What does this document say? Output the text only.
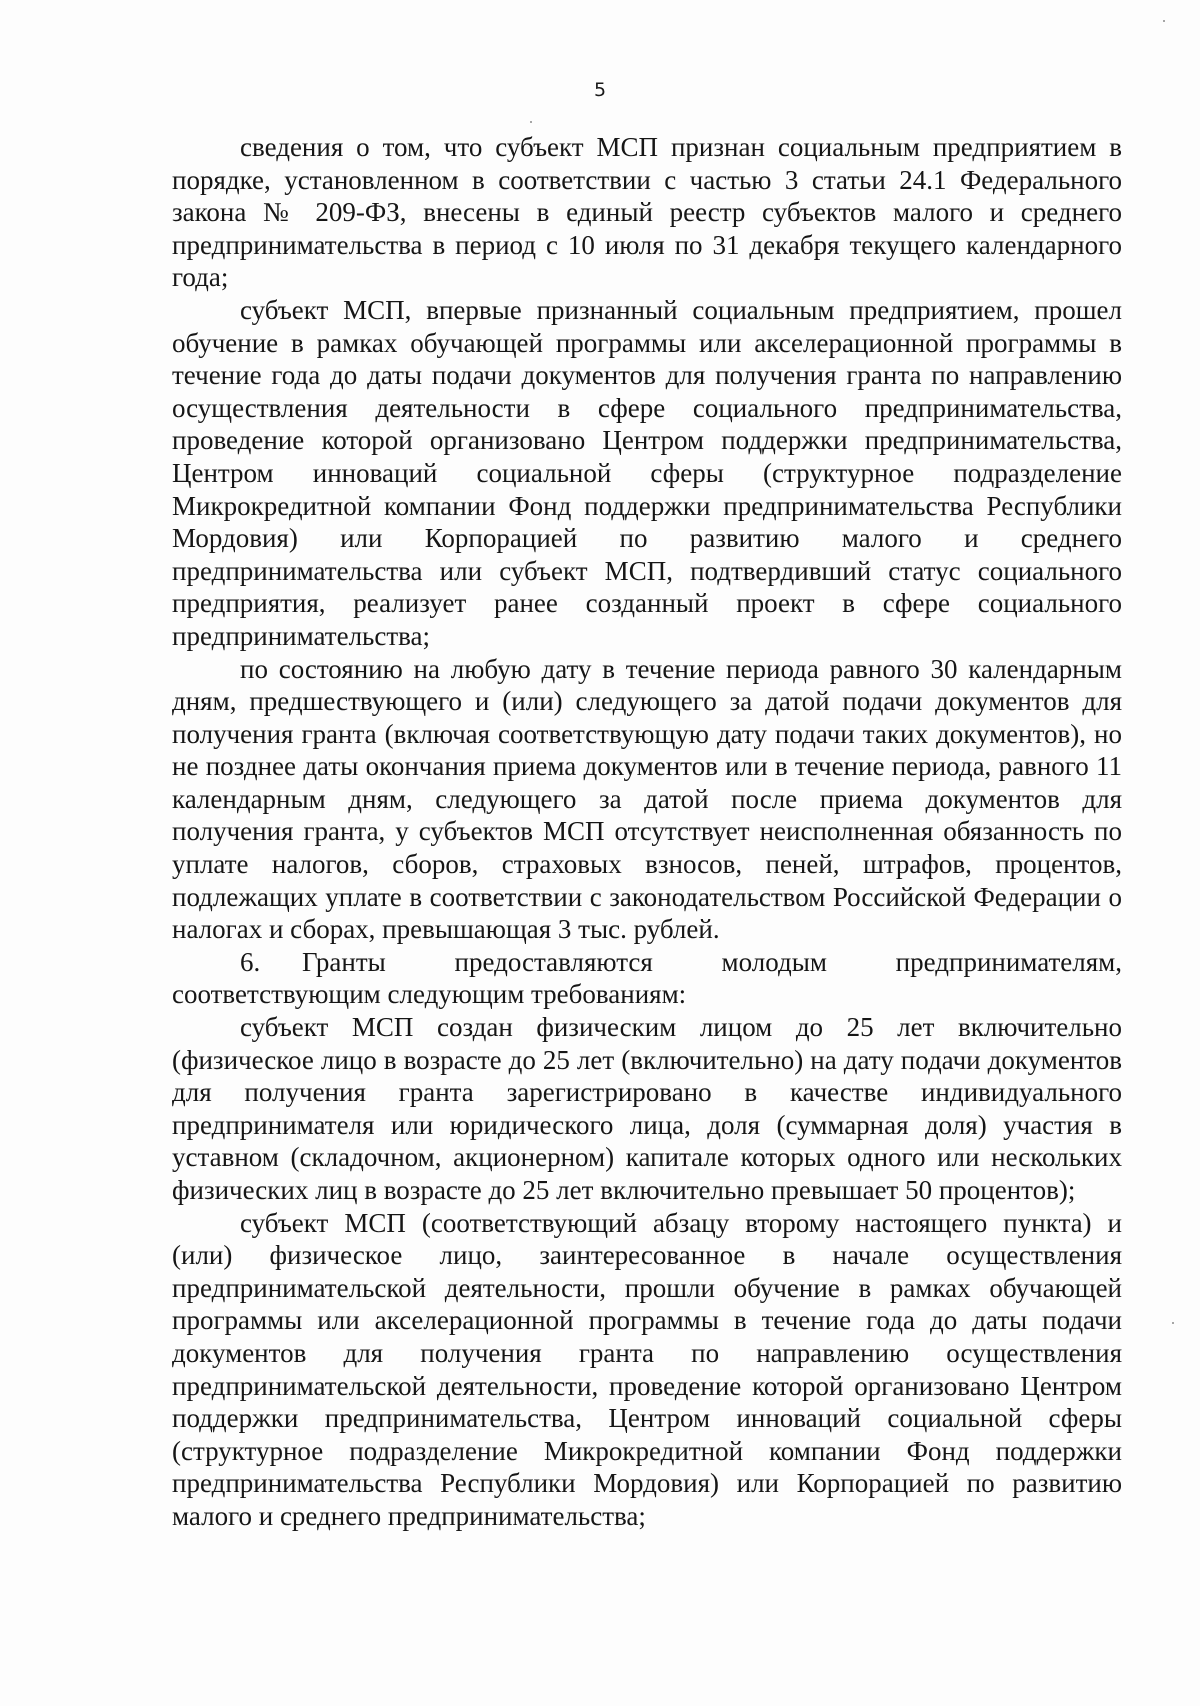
5

сведения о том, что субъект МСП признан социальным предприятием в порядке, установленном в соответствии с частью 3 статьи 24.1 Федерального закона № 209-ФЗ, внесены в единый реестр субъектов малого и среднего предпринимательства в период с 10 июля по 31 декабря текущего календарного года;

субъект МСП, впервые признанный социальным предприятием, прошел обучение в рамках обучающей программы или акселерационной программы в течение года до даты подачи документов для получения гранта по направлению осуществления деятельности в сфере социального предпринимательства, проведение которой организовано Центром поддержки предпринимательства, Центром инноваций социальной сферы (структурное подразделение Микрокредитной компании Фонд поддержки предпринимательства Республики Мордовия) или Корпорацией по развитию малого и среднего предпринимательства или субъект МСП, подтвердивший статус социального предприятия, реализует ранее созданный проект в сфере социального предпринимательства;

по состоянию на любую дату в течение периода равного 30 календарным дням, предшествующего и (или) следующего за датой подачи документов для получения гранта (включая соответствующую дату подачи таких документов), но не позднее даты окончания приема документов или в течение периода, равного 11 календарным дням, следующего за датой после приема документов для получения гранта, у субъектов МСП отсутствует неисполненная обязанность по уплате налогов, сборов, страховых взносов, пеней, штрафов, процентов, подлежащих уплате в соответствии с законодательством Российской Федерации о налогах и сборах, превышающая 3 тыс. рублей.

6. Гранты предоставляются молодым предпринимателям, соответствующим следующим требованиям:

субъект МСП создан физическим лицом до 25 лет включительно (физическое лицо в возрасте до 25 лет (включительно) на дату подачи документов для получения гранта зарегистрировано в качестве индивидуального предпринимателя или юридического лица, доля (суммарная доля) участия в уставном (складочном, акционерном) капитале которых одного или нескольких физических лиц в возрасте до 25 лет включительно превышает 50 процентов);

субъект МСП (соответствующий абзацу второму настоящего пункта) и (или) физическое лицо, заинтересованное в начале осуществления предпринимательской деятельности, прошли обучение в рамках обучающей программы или акселерационной программы в течение года до даты подачи документов для получения гранта по направлению осуществления предпринимательской деятельности, проведение которой организовано Центром поддержки предпринимательства, Центром инноваций социальной сферы (структурное подразделение Микрокредитной компании Фонд поддержки предпринимательства Республики Мордовия) или Корпорацией по развитию малого и среднего предпринимательства;
